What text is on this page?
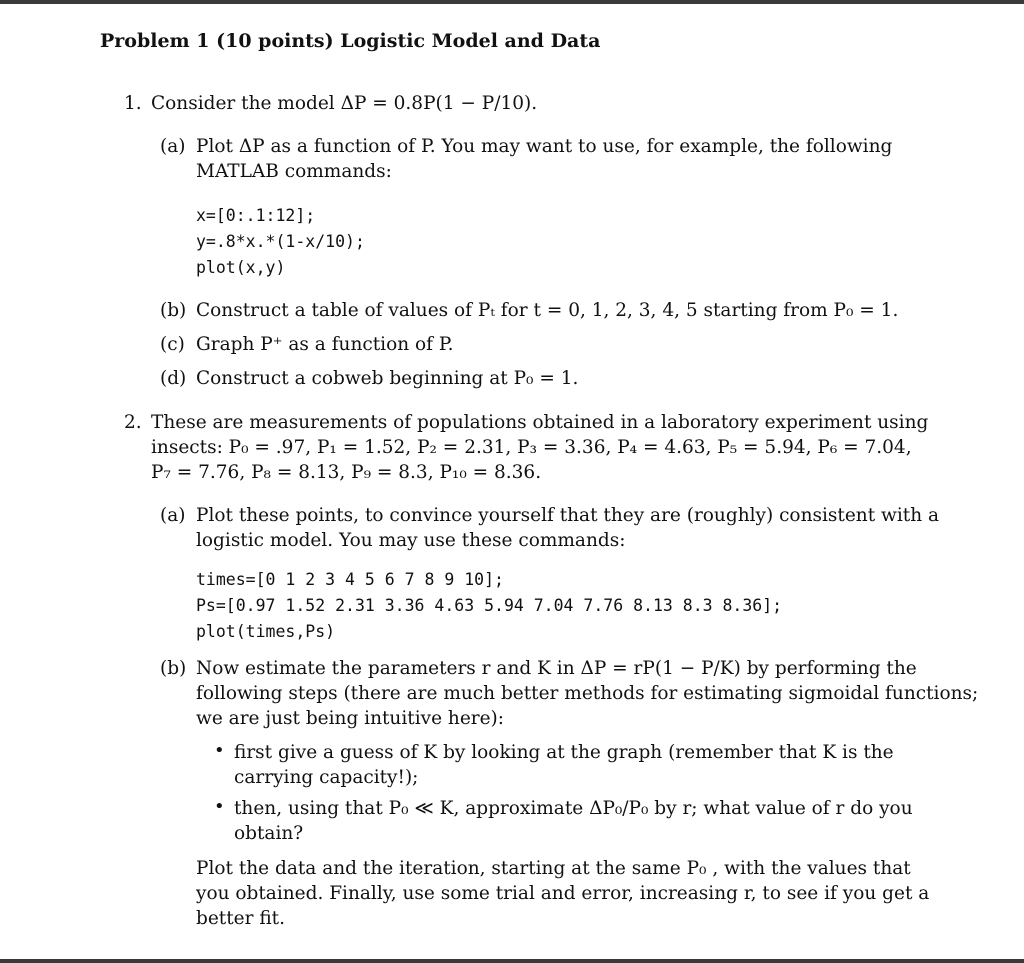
Problem 1 (10 points) Logistic Model and Data
1. Consider the model ΔP = 0.8P(1 − P/10).
(a) Plot ΔP as a function of P. You may want to use, for example, the following
MATLAB commands:
x=[0:.1:12];
y=.8*x.*(1-x/10);
plot(x,y)
(b) Construct a table of values of Pₜ for t = 0, 1, 2, 3, 4, 5 starting from P₀ = 1.
(c) Graph P⁺ as a function of P.
(d) Construct a cobweb beginning at P₀ = 1.
2. These are measurements of populations obtained in a laboratory experiment using
insects: P₀ = .97, P₁ = 1.52, P₂ = 2.31, P₃ = 3.36, P₄ = 4.63, P₅ = 5.94, P₆ = 7.04,
P₇ = 7.76, P₈ = 8.13, P₉ = 8.3, P₁₀ = 8.36.
(a) Plot these points, to convince yourself that they are (roughly) consistent with a
logistic model. You may use these commands:
times=[0 1 2 3 4 5 6 7 8 9 10];
Ps=[0.97 1.52 2.31 3.36 4.63 5.94 7.04 7.76 8.13 8.3 8.36];
plot(times,Ps)
(b) Now estimate the parameters r and K in ΔP = rP(1 − P/K) by performing the
following steps (there are much better methods for estimating sigmoidal functions;
we are just being intuitive here):
• first give a guess of K by looking at the graph (remember that K is the
carrying capacity!);
• then, using that P₀ ≪ K, approximate ΔP₀/P₀ by r; what value of r do you
obtain?
Plot the data and the iteration, starting at the same P₀ , with the values that
you obtained. Finally, use some trial and error, increasing r, to see if you get a
better fit.
